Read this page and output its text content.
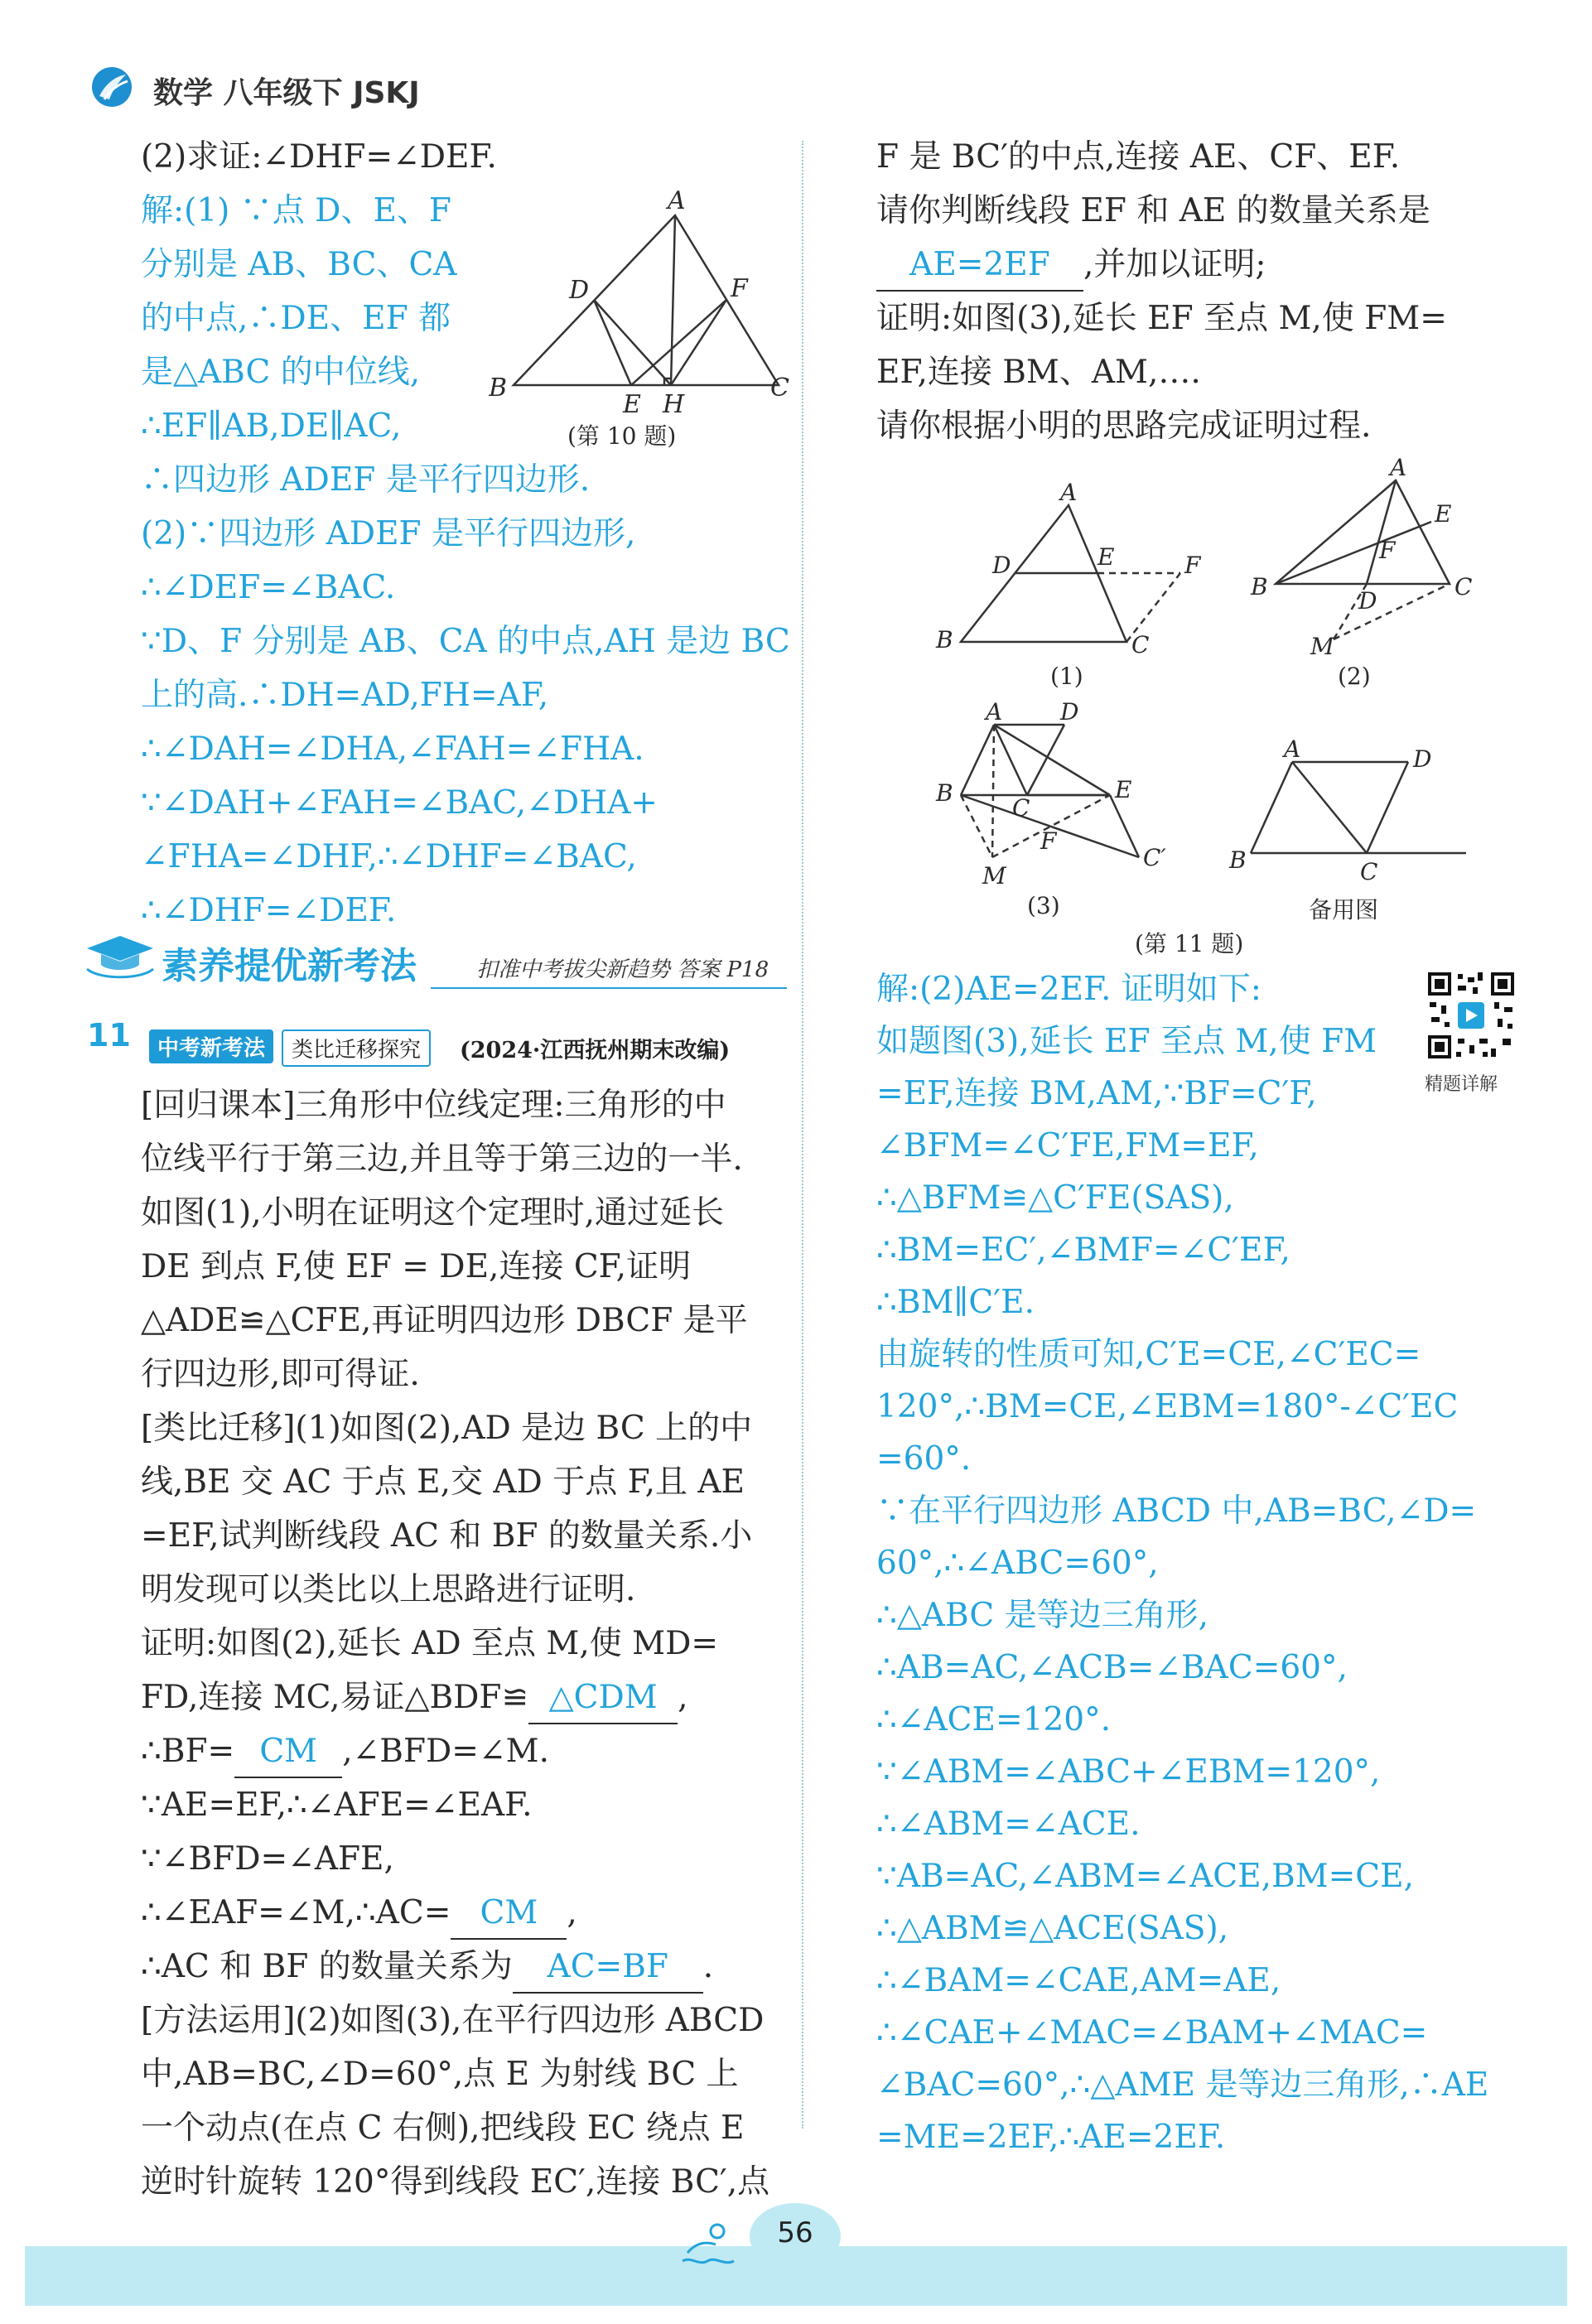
数学 八年级下 JSKJ
(2)求证:∠DHF=∠DEF.
解:(1) ∵点 D、E、F
分别是 AB、BC、CA
的中点,∴DE、EF 都
是△ABC 的中位线,
∴EF∥AB,DE∥AC,
∴四边形 ADEF 是平行四边形.
(2)∵四边形 ADEF 是平行四边形,
∴∠DEF=∠BAC.
∵D、F 分别是 AB、CA 的中点,AH 是边 BC
上的高.∴DH=AD,FH=AF,
∴∠DAH=∠DHA,∠FAH=∠FHA.
∵∠DAH+∠FAH=∠BAC,∠DHA+
∠FHA=∠DHF,∴∠DHF=∠BAC,
∴∠DHF=∠DEF.
A
B	C
D
E H
F
(第 10 题)
素养提优新考法	扣准中考拔尖新趋势 答案 P18
11	中考新考法	类比迁移探究	(2024·江西抚州期末改编)
[回归课本]三角形中位线定理:三角形的中
位线平行于第三边,并且等于第三边的一半.
如图(1),小明在证明这个定理时,通过延长
DE 到点 F,使 EF = DE,连接 CF,证明
△ADE≌△CFE,再证明四边形 DBCF 是平
行四边形,即可得证.
[类比迁移](1)如图(2),AD 是边 BC 上的中
线,BE 交 AC 于点 E,交 AD 于点 F,且 AE
=EF,试判断线段 AC 和 BF 的数量关系.小
明发现可以类比以上思路进行证明.
证明:如图(2),延长 AD 至点 M,使 MD=
FD,连接 MC,易证△BDF≌ △CDM ,
∴BF= CM ,∠BFD=∠M.
∵AE=EF,∴∠AFE=∠EAF.
∵∠BFD=∠AFE,
∴∠EAF=∠M,∴AC= CM ,
∴AC 和 BF 的数量关系为 AC=BF .
[方法运用](2)如图(3),在平行四边形 ABCD
中,AB=BC,∠D=60°,点 E 为射线 BC 上
一个动点(在点 C 右侧),把线段 EC 绕点 E
逆时针旋转 120°得到线段 EC′,连接 BC′,点
F 是 BC′的中点,连接 AE、CF、EF.
请你判断线段 EF 和 AE 的数量关系是
AE=2EF ,并加以证明;
证明:如图(3),延长 EF 至点 M,使 FM=
EF,连接 BM、AM,….
请你根据小明的思路完成证明过程.
A
B	C
D	E	F
(1)
A
B	C
D
E
F
M
(2)
A D
B
C
E
F
C′
M
(3)
A	D
B	C
备用图
(第 11 题)
精题详解
解:(2)AE=2EF. 证明如下:
如题图(3),延长 EF 至点 M,使 FM
=EF,连接 BM,AM,∵BF=C′F,
∠BFM=∠C′FE,FM=EF,
∴△BFM≌△C′FE(SAS),
∴BM=EC′,∠BMF=∠C′EF,
∴BM∥C′E.
由旋转的性质可知,C′E=CE,∠C′EC=
120°,∴BM=CE,∠EBM=180°-∠C′EC
=60°.
∵在平行四边形 ABCD 中,AB=BC,∠D=
60°,∴∠ABC=60°,
∴△ABC 是等边三角形,
∴AB=AC,∠ACB=∠BAC=60°,
∴∠ACE=120°.
∵∠ABM=∠ABC+∠EBM=120°,
∴∠ABM=∠ACE.
∵AB=AC,∠ABM=∠ACE,BM=CE,
∴△ABM≌△ACE(SAS),
∴∠BAM=∠CAE,AM=AE,
∴∠CAE+∠MAC=∠BAM+∠MAC=
∠BAC=60°,∴△AME 是等边三角形,∴AE
=ME=2EF,∴AE=2EF.
56
